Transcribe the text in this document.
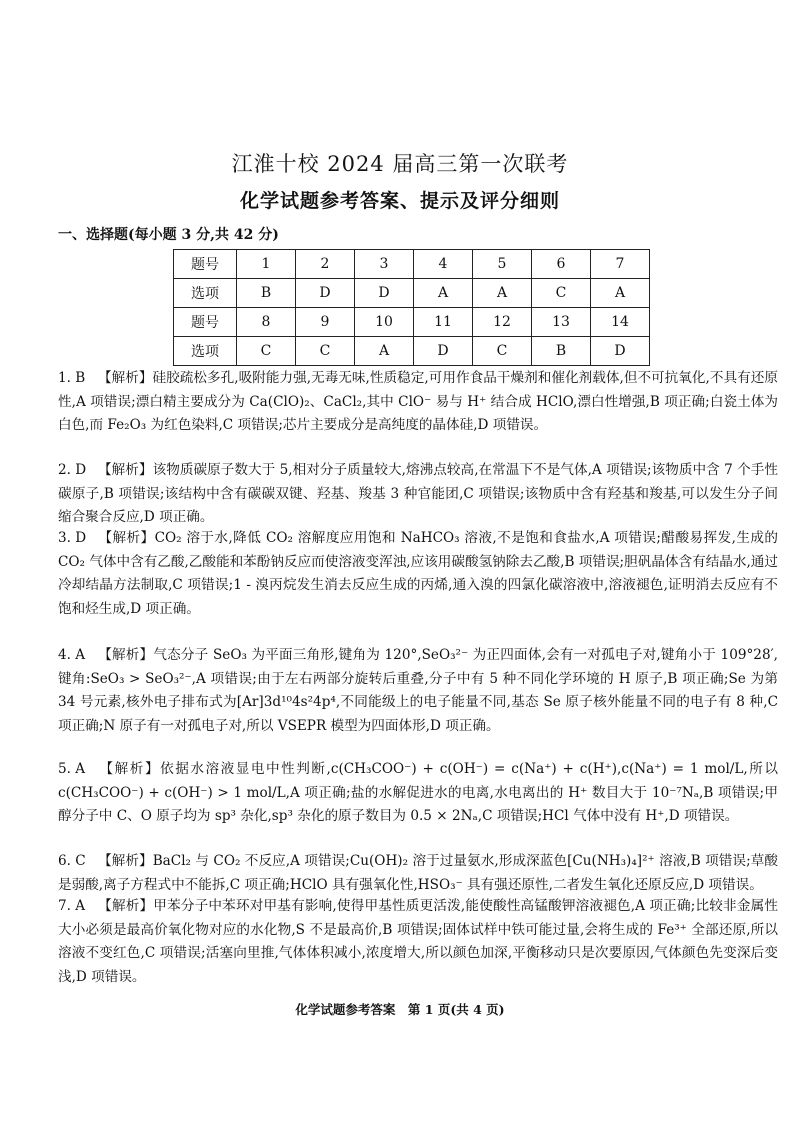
江淮十校 2024 届高三第一次联考
化学试题参考答案、提示及评分细则
一、选择题(每小题 3 分,共 42 分)
题号	1	2	3	4	5	6	7
选项	B	D	D	A	A	C	A
题号	8	9	10	11	12	13	14
选项	C	C	A	D	C	B	D
1. B 【解析】硅胶疏松多孔,吸附能力强,无毒无味,性质稳定,可用作食品干燥剂和催化剂载体,但不可抗氧化,不具有还原性,A 项错误;漂白精主要成分为 Ca(ClO)₂、CaCl₂,其中 ClO⁻ 易与 H⁺ 结合成 HClO,漂白性增强,B 项正确;白瓷土体为白色,而 Fe₂O₃ 为红色染料,C 项错误;芯片主要成分是高纯度的晶体硅,D 项错误。
2. D 【解析】该物质碳原子数大于 5,相对分子质量较大,熔沸点较高,在常温下不是气体,A 项错误;该物质中含 7 个手性碳原子,B 项错误;该结构中含有碳碳双键、羟基、羧基 3 种官能团,C 项错误;该物质中含有羟基和羧基,可以发生分子间缩合聚合反应,D 项正确。
3. D 【解析】CO₂ 溶于水,降低 CO₂ 溶解度应用饱和 NaHCO₃ 溶液,不是饱和食盐水,A 项错误;醋酸易挥发,生成的 CO₂ 气体中含有乙酸,乙酸能和苯酚钠反应而使溶液变浑浊,应该用碳酸氢钠除去乙酸,B 项错误;胆矾晶体含有结晶水,通过冷却结晶方法制取,C 项错误;1 - 溴丙烷发生消去反应生成的丙烯,通入溴的四氯化碳溶液中,溶液褪色,证明消去反应有不饱和烃生成,D 项正确。
4. A 【解析】气态分子 SeO₃ 为平面三角形,键角为 120°,SeO₃²⁻ 为正四面体,会有一对孤电子对,键角小于 109°28′,键角:SeO₃ > SeO₃²⁻,A 项错误;由于左右两部分旋转后重叠,分子中有 5 种不同化学环境的 H 原子,B 项正确;Se 为第 34 号元素,核外电子排布式为[Ar]3d¹⁰4s²4p⁴,不同能级上的电子能量不同,基态 Se 原子核外能量不同的电子有 8 种,C 项正确;N 原子有一对孤电子对,所以 VSEPR 模型为四面体形,D 项正确。
5. A 【解析】依据水溶液显电中性判断,c(CH₃COO⁻) + c(OH⁻) = c(Na⁺) + c(H⁺),c(Na⁺) = 1 mol/L,所以c(CH₃COO⁻) + c(OH⁻) > 1 mol/L,A 项正确;盐的水解促进水的电离,水电离出的 H⁺ 数目大于 10⁻⁷Nₐ,B 项错误;甲醇分子中 C、O 原子均为 sp³ 杂化,sp³ 杂化的原子数目为 0.5 × 2Nₐ,C 项错误;HCl 气体中没有 H⁺,D 项错误。
6. C 【解析】BaCl₂ 与 CO₂ 不反应,A 项错误;Cu(OH)₂ 溶于过量氨水,形成深蓝色[Cu(NH₃)₄]²⁺ 溶液,B 项错误;草酸是弱酸,离子方程式中不能拆,C 项正确;HClO 具有强氧化性,HSO₃⁻ 具有强还原性,二者发生氧化还原反应,D 项错误。
7. A 【解析】甲苯分子中苯环对甲基有影响,使得甲基性质更活泼,能使酸性高锰酸钾溶液褪色,A 项正确;比较非金属性大小必须是最高价氧化物对应的水化物,S 不是最高价,B 项错误;固体试样中铁可能过量,会将生成的 Fe³⁺ 全部还原,所以溶液不变红色,C 项错误;活塞向里推,气体体积减小,浓度增大,所以颜色加深,平衡移动只是次要原因,气体颜色先变深后变浅,D 项错误。
化学试题参考答案　第 1 页(共 4 页)
